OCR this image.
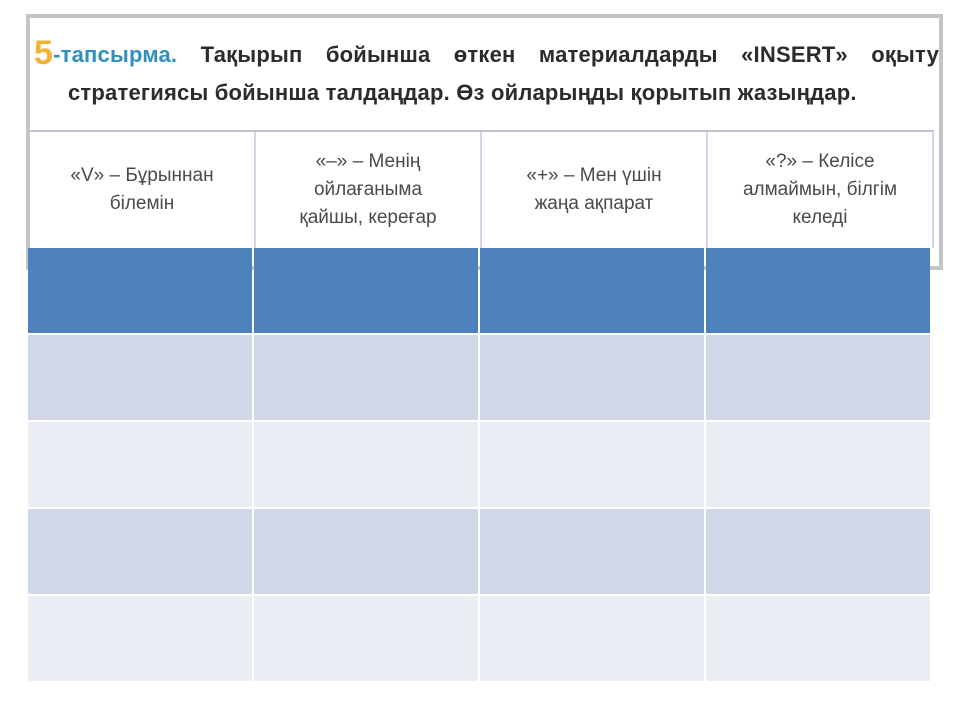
5-тапсырма. Тақырып бойынша өткен материалдарды «INSERT» оқыту
стратегиясы бойынша талдаңдар. Өз ойларыңды қорытып жазыңдар.
«V» – Бұрыннан
білемін
«–» – Менің
ойлағаныма
қайшы, кереғар
«+» – Мен үшін
жаңа ақпарат
«?» – Келісе
алмаймын, білгім
келеді
